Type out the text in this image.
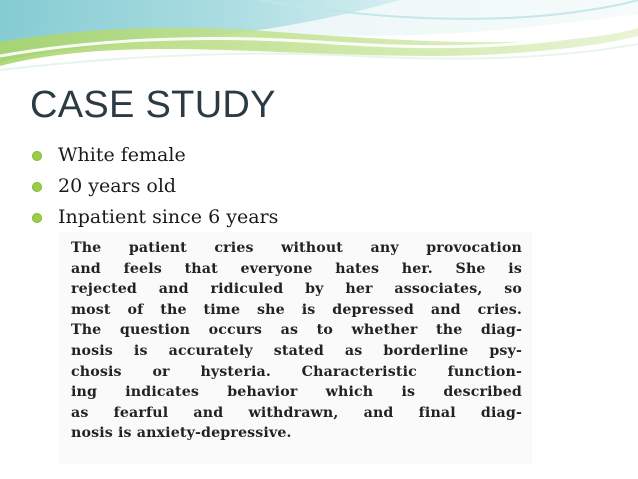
CASE STUDY
White female
20 years old
Inpatient since 6 years
The patient cries without any provocation
and feels that everyone hates her. She is
rejected and ridiculed by her associates, so
most of the time she is depressed and cries.
The question occurs as to whether the diag-
nosis is accurately stated as borderline psy-
chosis or hysteria. Characteristic function-
ing indicates behavior which is described
as fearful and withdrawn, and final diag-
nosis is anxiety-depressive.
